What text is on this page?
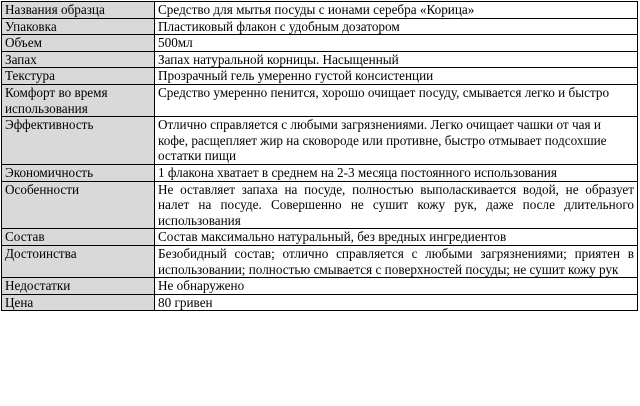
Названия образца	Средство для мытья посуды с ионами серебра «Корица»
Упаковка	Пластиковый флакон с удобным дозатором
Объем	500мл
Запах	Запах натуральной корницы. Насыщенный
Текстура	Прозрачный гель умеренно густой консистенции
Комфорт во время использования	Средство умеренно пенится, хорошо очищает посуду, смывается легко и быстро
Эффективность	Отлично справляется с любыми загрязнениями. Легко очищает чашки от чая и кофе, расщепляет жир на сковороде или противне, быстро отмывает подсохшие остатки пищи
Экономичность	1 флакона хватает в среднем на 2-3 месяца постоянного использования
Особенности	Не оставляет запаха на посуде, полностью выполаскивается водой, не образует налет на посуде. Совершенно не сушит кожу рук, даже после длительного использования
Состав	Состав максимально натуральный, без вредных ингредиентов
Достоинства	Безобидный состав; отлично справляется с любыми загрязнениями; приятен в использовании; полностью смывается с поверхностей посуды; не сушит кожу рук
Недостатки	Не обнаружено
Цена	80 гривен
